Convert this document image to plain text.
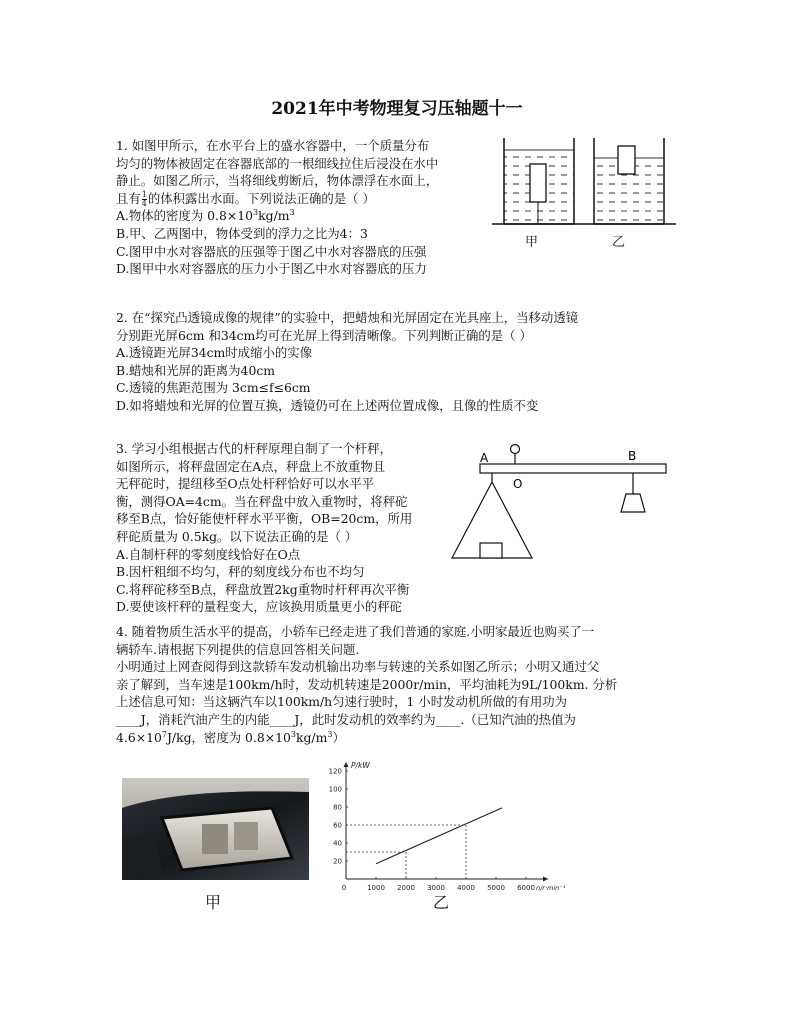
2021年中考物理复习压轴题十一
1. 如图甲所示，在水平台上的盛水容器中，一个质量分布
均匀的物体被固定在容器底部的一根细线拉住后浸没在水中
静止。如图乙所示，当将细线剪断后，物体漂浮在水面上，
且有 $\frac{1}{4}$ 的体积露出水面。下列说法正确的是（ ）
A.物体的密度为 $0.8\times 10^3kg/m^3$
B.甲、乙两图中，物体受到的浮力之比为4：3
C.图甲中水对容器底的压强等于图乙中水对容器底的压强
D.图甲中水对容器底的压力小于图乙中水对容器底的压力
甲	乙
2. 在“探究凸透镜成像的规律”的实验中，把蜡烛和光屏固定在光具座上，当移动透镜
分别距光屏6cm 和34cm均可在光屏上得到清晰像。下列判断正确的是（ ）
A.透镜距光屏34cm时成缩小的实像
B.蜡烛和光屏的距离为40cm
C.透镜的焦距范围为 3cm≤f≤6cm
D.如将蜡烛和光屏的位置互换，透镜仍可在上述两位置成像，且像的性质不变
3. 学习小组根据古代的杆秤原理自制了一个杆秤，
如图所示，将秤盘固定在A点，秤盘上不放重物且
无秤砣时，提纽移至O点处杆秤恰好可以水平平
衡，测得OA=4cm。当在秤盘中放入重物时，将秤砣
移至B点，恰好能使杆秤水平平衡，OB=20cm，所用
秤砣质量为 0.5kg。以下说法正确的是（ ）
A.自制杆秤的零刻度线恰好在O点
B.因杆粗细不均匀，秤的刻度线分布也不均匀
C.将秤砣移至B点，秤盘放置2kg重物时杆秤再次平衡
D.要使该杆秤的量程变大，应该换用质量更小的秤砣
A
O
B
4. 随着物质生活水平的提高，小轿车已经走进了我们普通的家庭.小明家最近也购买了一
辆轿车.请根据下列提供的信息回答相关问题.
小明通过上网查阅得到这款轿车发动机输出功率与转速的关系如图乙所示；小明又通过父
亲了解到，当车速是100km/h时，发动机转速是2000r/min，平均油耗为9L/100km. 分析
上述信息可知：当这辆汽车以100km/h匀速行驶时，1 小时发动机所做的有用功为
____J，消耗汽油产生的内能____J，此时发动机的效率约为____.（已知汽油的热值为
$4.6\times 10^7J/kg$，密度为 $0.8\times 10^3kg/m^3$）
甲
0	1000 2000 3000 4000 5000 6000
20
40
60
80
100
120
P/kW
n/r·min⁻¹
乙
